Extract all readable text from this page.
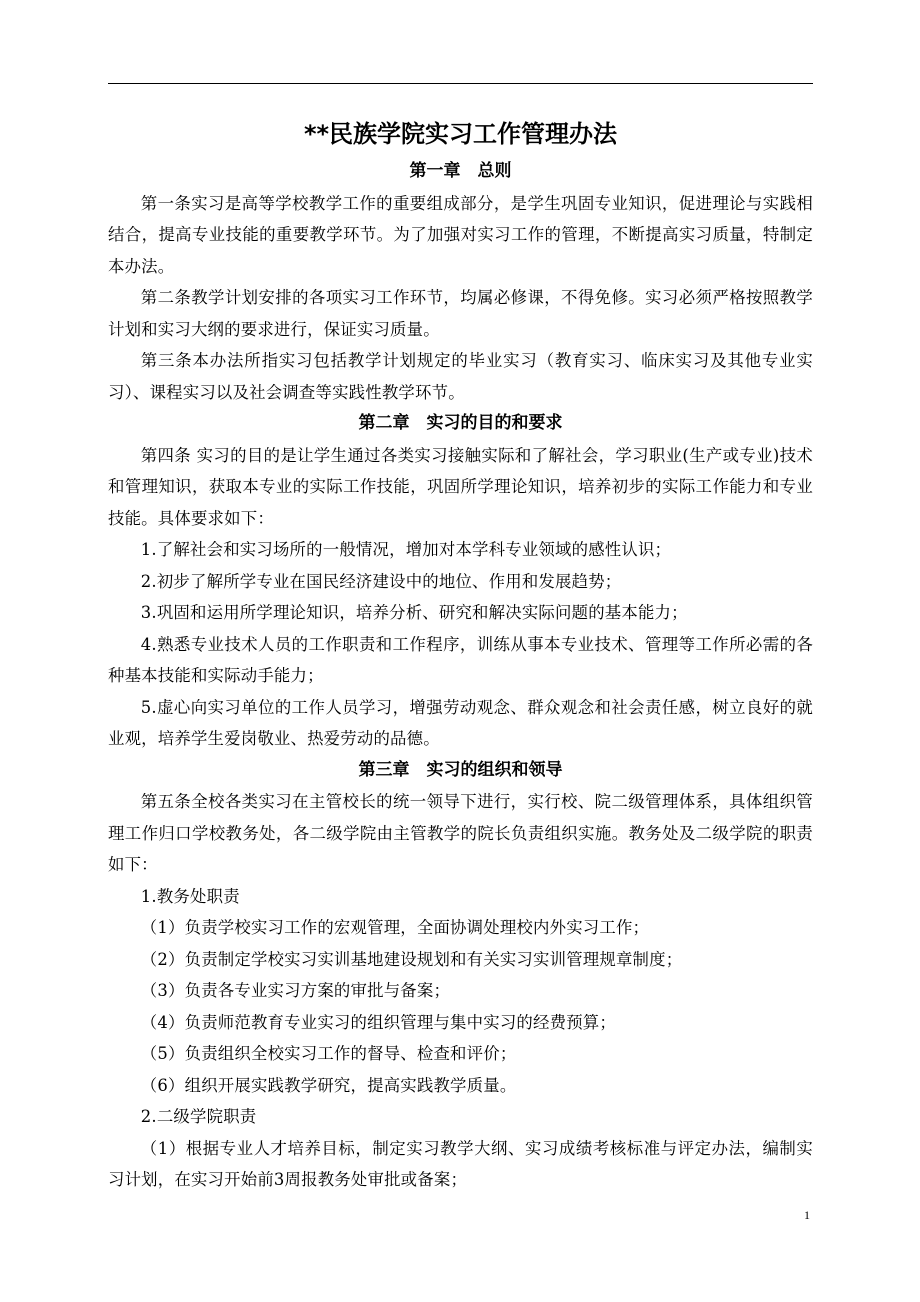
**民族学院实习工作管理办法
第一章　总则

第一条实习是高等学校教学工作的重要组成部分，是学生巩固专业知识，促进理论与实践相结合，提高专业技能的重要教学环节。为了加强对实习工作的管理，不断提高实习质量，特制定本办法。

第二条教学计划安排的各项实习工作环节，均属必修课，不得免修。实习必须严格按照教学计划和实习大纲的要求进行，保证实习质量。

第三条本办法所指实习包括教学计划规定的毕业实习（教育实习、临床实习及其他专业实习）、课程实习以及社会调查等实践性教学环节。

第二章　实习的目的和要求

第四条 实习的目的是让学生通过各类实习接触实际和了解社会，学习职业(生产或专业)技术和管理知识，获取本专业的实际工作技能，巩固所学理论知识，培养初步的实际工作能力和专业技能。具体要求如下：

1.了解社会和实习场所的一般情况，增加对本学科专业领域的感性认识；

2.初步了解所学专业在国民经济建设中的地位、作用和发展趋势；

3.巩固和运用所学理论知识，培养分析、研究和解决实际问题的基本能力；

4.熟悉专业技术人员的工作职责和工作程序，训练从事本专业技术、管理等工作所必需的各种基本技能和实际动手能力；

5.虚心向实习单位的工作人员学习，增强劳动观念、群众观念和社会责任感，树立良好的就业观，培养学生爱岗敬业、热爱劳动的品德。

第三章　实习的组织和领导

第五条全校各类实习在主管校长的统一领导下进行，实行校、院二级管理体系，具体组织管理工作归口学校教务处，各二级学院由主管教学的院长负责组织实施。教务处及二级学院的职责如下：

1.教务处职责

（1）负责学校实习工作的宏观管理，全面协调处理校内外实习工作；

（2）负责制定学校实习实训基地建设规划和有关实习实训管理规章制度；

（3）负责各专业实习方案的审批与备案；

（4）负责师范教育专业实习的组织管理与集中实习的经费预算；

（5）负责组织全校实习工作的督导、检查和评价；

（6）组织开展实践教学研究，提高实践教学质量。

2.二级学院职责

（1）根据专业人才培养目标，制定实习教学大纲、实习成绩考核标准与评定办法，编制实习计划，在实习开始前3周报教务处审批或备案；

1
